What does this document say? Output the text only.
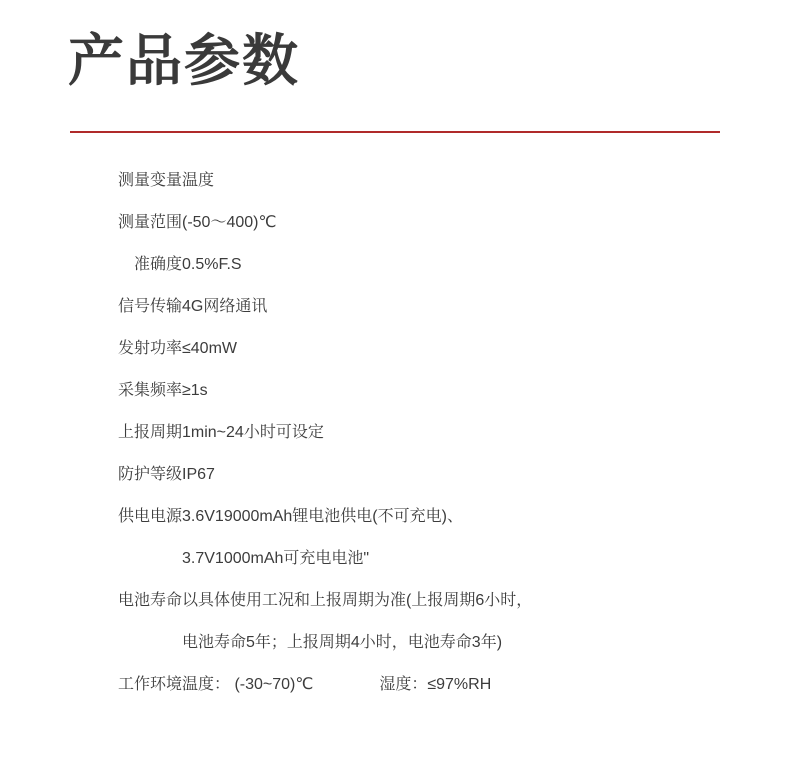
产品参数
测量变量	温度
测量范围	(-50～400)℃
准确度	0.5%F.S
信号传输	4G网络通讯
发射功率	≤40mW
采集频率	≥1s
上报周期	1min~24小时可设定
防护等级	IP67
供电电源	3.6V19000mAh锂电池供电(不可充电)、
3.7V1000mAh可充电电池"

电池寿命	以具体使用工况和上报周期为准(上报周期6小时，
电池寿命5年；上报周期4小时，电池寿命3年)

工作环境	温度： (-30~70)℃ 湿度：≤97%RH
